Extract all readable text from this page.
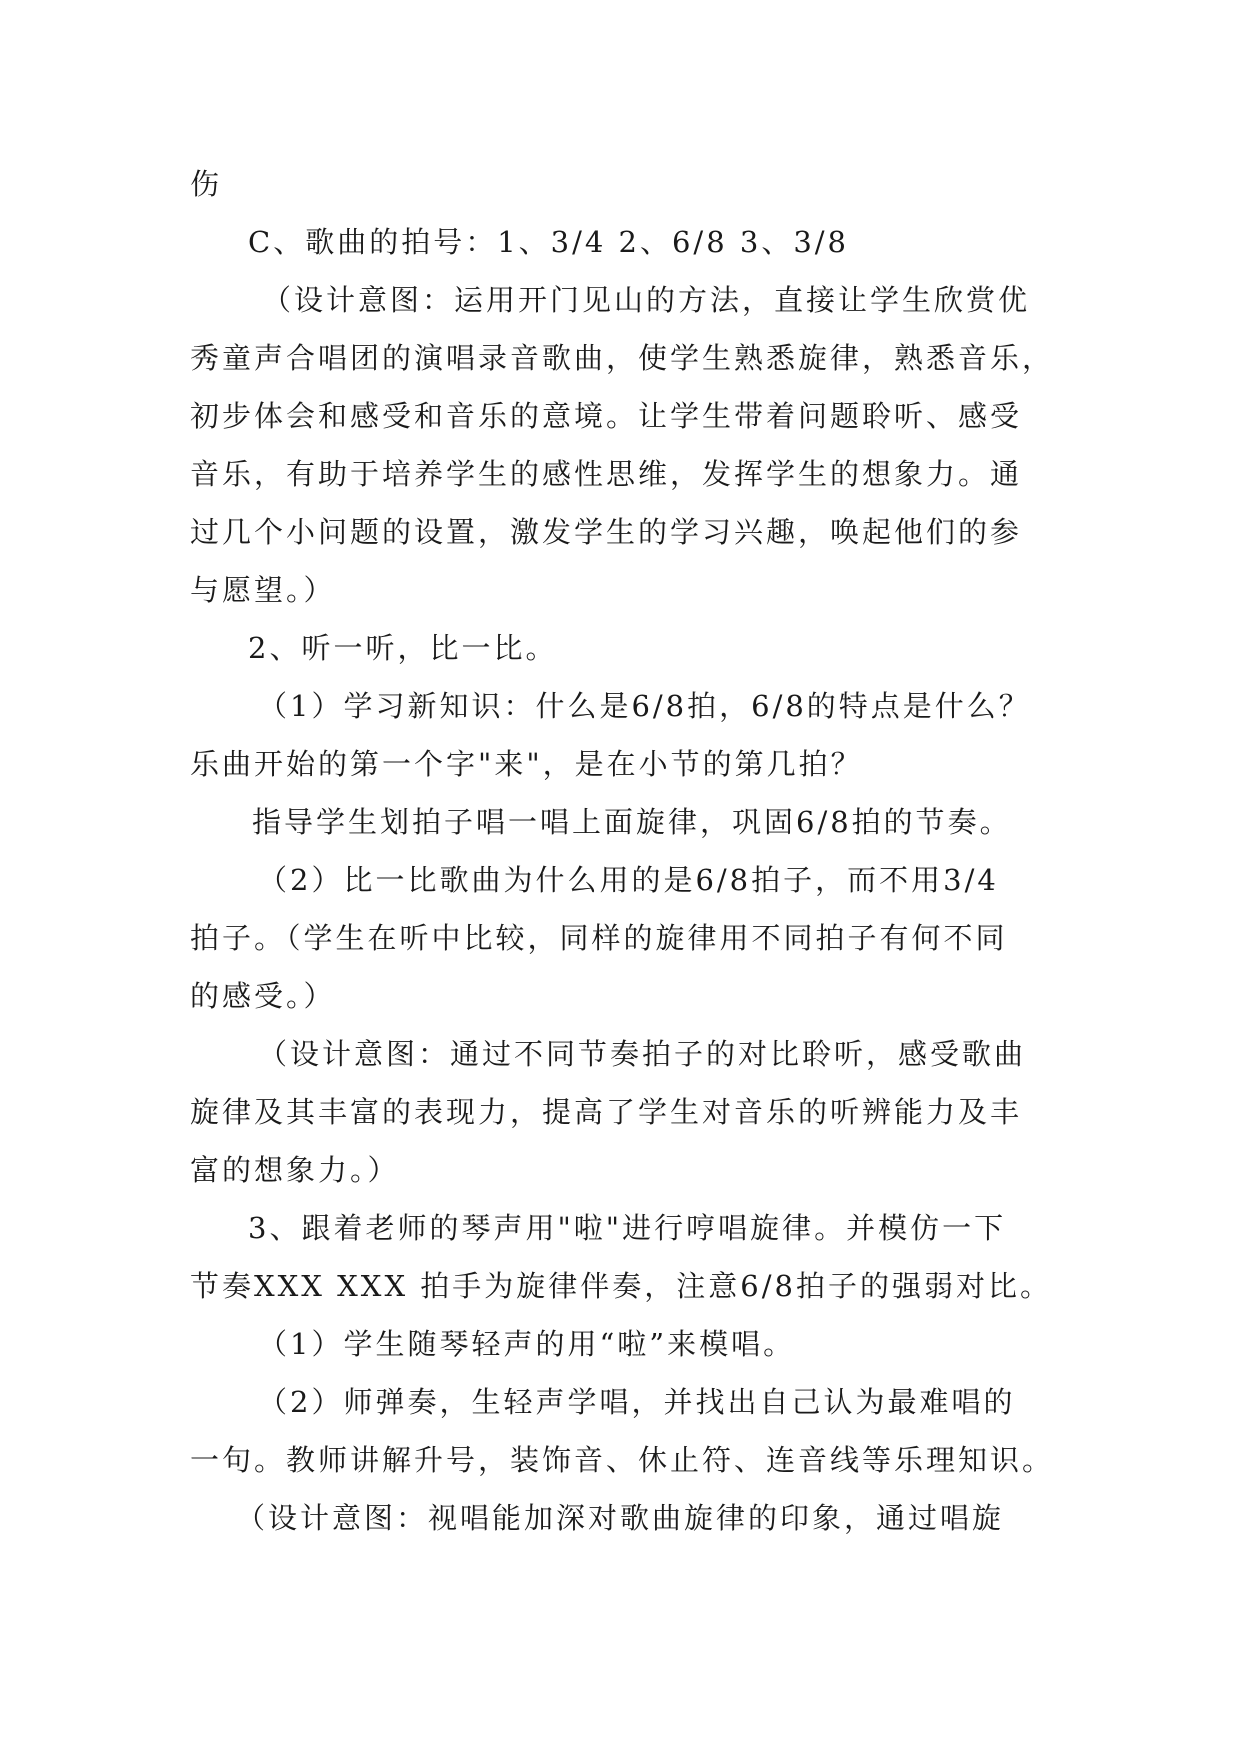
伤

C、歌曲的拍号：1、3/4 2、6/8 3、3/8

（设计意图：运用开门见山的方法，直接让学生欣赏优

秀童声合唱团的演唱录音歌曲，使学生熟悉旋律，熟悉音乐，

初步体会和感受和音乐的意境。让学生带着问题聆听、感受

音乐，有助于培养学生的感性思维，发挥学生的想象力。通

过几个小问题的设置，激发学生的学习兴趣，唤起他们的参

与愿望。）

2、听一听，比一比。

（1）学习新知识：什么是6/8拍，6/8的特点是什么？

乐曲开始的第一个字"来"，是在小节的第几拍？

指导学生划拍子唱一唱上面旋律，巩固6/8拍的节奏。

（2）比一比歌曲为什么用的是6/8拍子，而不用3/4

拍子。（学生在听中比较，同样的旋律用不同拍子有何不同

的感受。）

（设计意图：通过不同节奏拍子的对比聆听，感受歌曲

旋律及其丰富的表现力，提高了学生对音乐的听辨能力及丰

富的想象力。）

3、跟着老师的琴声用"啦"进行哼唱旋律。并模仿一下

节奏XXX XXX 拍手为旋律伴奏，注意6/8拍子的强弱对比。

（1）学生随琴轻声的用“啦”来模唱。

（2）师弹奏，生轻声学唱，并找出自己认为最难唱的

一句。教师讲解升号，装饰音、休止符、连音线等乐理知识。

（设计意图：视唱能加深对歌曲旋律的印象，通过唱旋
